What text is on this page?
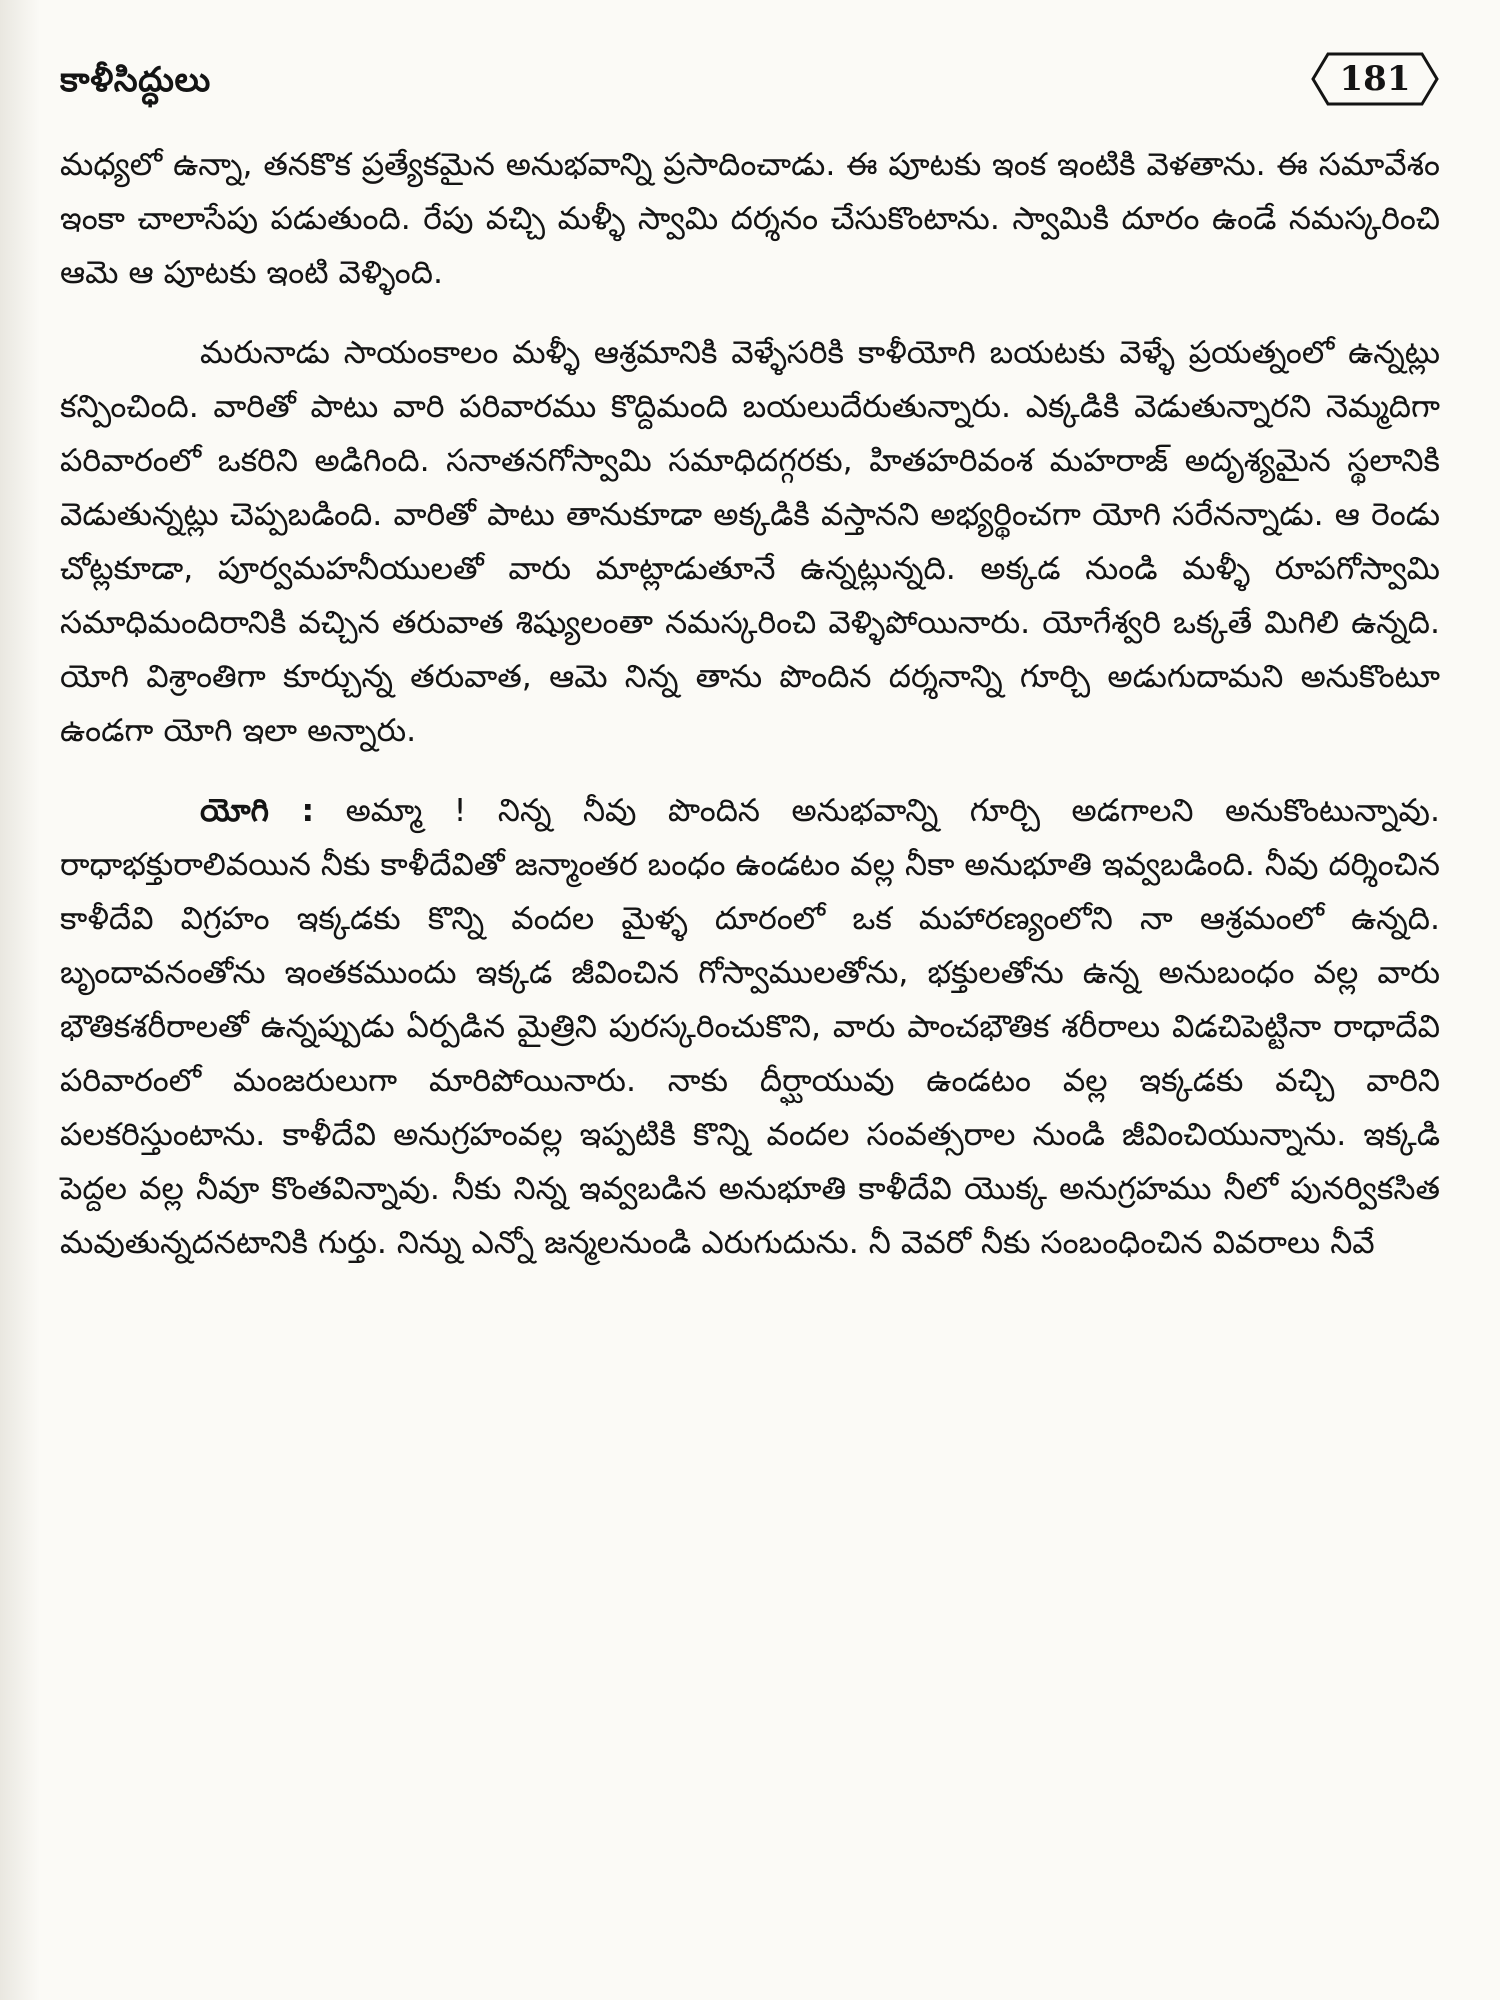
కాళీసిద్ధులు	181

మధ్యలో ఉన్నా, తనకొక ప్రత్యేకమైన అనుభవాన్ని ప్రసాదించాడు. ఈ పూటకు ఇంక ఇంటికి వెళతాను. ఈ సమావేశం ఇంకా చాలాసేపు పడుతుంది. రేపు వచ్చి మళ్ళీ స్వామి దర్శనం చేసుకొంటాను. స్వామికి దూరం ఉండే నమస్కరించి ఆమె ఆ పూటకు ఇంటి వెళ్ళింది.

మరునాడు సాయంకాలం మళ్ళీ ఆశ్రమానికి వెళ్ళేసరికి కాళీయోగి బయటకు వెళ్ళే ప్రయత్నంలో ఉన్నట్లు కన్పించింది. వారితో పాటు వారి పరివారము కొద్దిమంది బయలుదేరుతున్నారు. ఎక్కడికి వెడుతున్నారని నెమ్మదిగా పరివారంలో ఒకరిని అడిగింది. సనాతనగోస్వామి సమాధిదగ్గరకు, హితహరివంశ మహరాజ్ అదృశ్యమైన స్థలానికి వెడుతున్నట్లు చెప్పబడింది. వారితో పాటు తానుకూడా అక్కడికి వస్తానని అభ్యర్థించగా యోగి సరేనన్నాడు. ఆ రెండు చోట్లకూడా, పూర్వమహనీయులతో వారు మాట్లాడుతూనే ఉన్నట్లున్నది. అక్కడ నుండి మళ్ళీ రూపగోస్వామి సమాధిమందిరానికి వచ్చిన తరువాత శిష్యులంతా నమస్కరించి వెళ్ళిపోయినారు. యోగేశ్వరి ఒక్కతే మిగిలి ఉన్నది. యోగి విశ్రాంతిగా కూర్చున్న తరువాత, ఆమె నిన్న తాను పొందిన దర్శనాన్ని గూర్చి అడుగుదామని అనుకొంటూ ఉండగా యోగి ఇలా అన్నారు.

యోగి : అమ్మా ! నిన్న నీవు పొందిన అనుభవాన్ని గూర్చి అడగాలని అనుకొంటున్నావు. రాధాభక్తురాలివయిన నీకు కాళీదేవితో జన్మాంతర బంధం ఉండటం వల్ల నీకా అనుభూతి ఇవ్వబడింది. నీవు దర్శించిన కాళీదేవి విగ్రహం ఇక్కడకు కొన్ని వందల మైళ్ళ దూరంలో ఒక మహారణ్యంలోని నా ఆశ్రమంలో ఉన్నది. బృందావనంతోను ఇంతకముందు ఇక్కడ జీవించిన గోస్వాములతోను, భక్తులతోను ఉన్న అనుబంధం వల్ల వారు భౌతికశరీరాలతో ఉన్నప్పుడు ఏర్పడిన మైత్రిని పురస్కరించుకొని, వారు పాంచభౌతిక శరీరాలు విడచిపెట్టినా రాధాదేవి పరివారంలో మంజరులుగా మారిపోయినారు. నాకు దీర్ఘాయువు ఉండటం వల్ల ఇక్కడకు వచ్చి వారిని పలకరిస్తుంటాను. కాళీదేవి అనుగ్రహంవల్ల ఇప్పటికి కొన్ని వందల సంవత్సరాల నుండి జీవించియున్నాను. ఇక్కడి పెద్దల వల్ల నీవూ కొంతవిన్నావు. నీకు నిన్న ఇవ్వబడిన అనుభూతి కాళీదేవి యొక్క అనుగ్రహము నీలో పునర్వికసిత మవుతున్నదనటానికి గుర్తు. నిన్ను ఎన్నో జన్మలనుండి ఎరుగుదును. నీ వెవరో నీకు సంబంధించిన వివరాలు నీవే
